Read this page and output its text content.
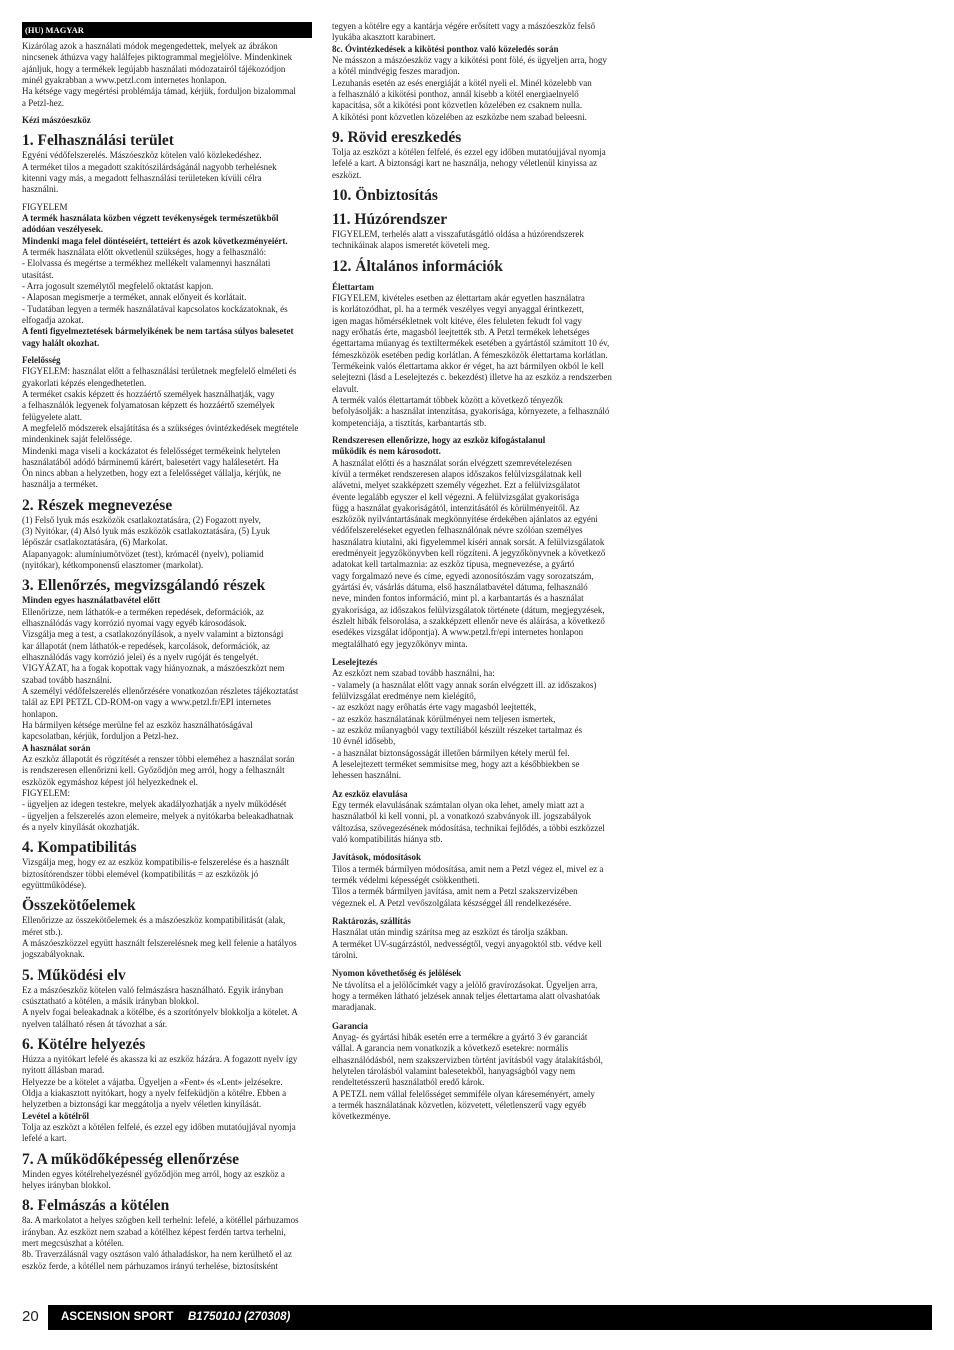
(HU) MAGYAR
Kizárólag azok a használati módok megengedettek, melyek az ábrákon
nincsenek áthúzva vagy halálfejes piktogrammal megjelölve. Mindenkinek
ajánljuk, hogy a termékek legújabb használati módozatairól tájékozódjon
minél gyakrabban a www.petzl.com internetes honlapon.
Ha kétsége vagy megértési problémája támad, kérjük, forduljon bizalommal
a Petzl-hez.
Kézi mászóeszköz
1. Felhasználási terület
Egyéni védőfelszerelés. Mászóeszköz kötelen való közlekedéshez.
A terméket tilos a megadott szakítószilárdságánál nagyobb terhelésnek
kitenni vagy más, a megadott felhasználási területeken kívüli célra
használni.
FIGYELEM
A termék használata közben végzett tevékenységek természetükből
adódóan veszélyesek.
Mindenki maga felel döntéseiért, tetteiért és azok következményeiért.
A termék használata előtt okvetlenül szükséges, hogy a felhasználó:
- Elolvassa és megértse a termékhez mellékelt valamennyi használati
utasítást.
- Arra jogosult személytől megfelelő oktatást kapjon.
- Alaposan megismerje a terméket, annak előnyeit és korlátait.
- Tudatában legyen a termék használatával kapcsolatos kockázatoknak, és
elfogadja azokat.
A fenti figyelmeztetések bármelyikének be nem tartása súlyos balesetet
vagy halált okozhat.
Felelősség
FIGYELEM: használat előtt a felhasználási területnek megfelelő elméleti és
gyakorlati képzés elengedhetetlen.
A terméket csakis képzett és hozzáértő személyek használhatják, vagy
a felhasználók legyenek folyamatosan képzett és hozzáértő személyek
felügyelete alatt.
A megfelelő módszerek elsajátítása és a szükséges óvintézkedések megtétele
mindenkinek saját felelőssége.
Mindenki maga viseli a kockázatot és felelősséget termékeink helytelen
használatából adódó bárminemű kárért, balesetért vagy halálesetért. Ha
Ön nincs abban a helyzetben, hogy ezt a felelősséget vállalja, kérjük, ne
használja a terméket.
2. Részek megnevezése
(1) Felső lyuk más eszközök csatlakoztatására, (2) Fogazott nyelv,
(3) Nyitókar, (4) Alsó lyuk más eszközök csatlakoztatására, (5) Lyuk
lépőszár csatlakoztatására, (6) Markolat.
Alapanyagok: alumíniumötvözet (test), krómacél (nyelv), poliamid
(nyitókar), kétkomponensű elasztomer (markolat).
3. Ellenőrzés, megvizsgálandó részek
Minden egyes használatbavétel előtt
Ellenőrizze, nem láthatók-e a terméken repedések, deformációk, az
elhasználódás vagy korrózió nyomai vagy egyéb károsodások.
Vizsgálja meg a test, a csatlakozónyílások, a nyelv valamint a biztonsági
kar állapotát (nem láthatók-e repedések, karcolások, deformációk, az
elhasználódás vagy korrózió jelei) és a nyelv rugóját és tengelyét.
VIGYÁZAT, ha a fogak kopottak vagy hiányoznak, a mászóeszközt nem
szabad tovább használni.
A személyi védőfelszerelés ellenőrzésére vonatkozóan részletes tájékoztatást
talál az EPI PETZL CD-ROM-on vagy a www.petzl.fr/EPI internetes
honlapon.
Ha bármilyen kétsége merülne fel az eszköz használhatóságával
kapcsolatban, kérjük, forduljon a Petzl-hez.
A használat során
Az eszköz állapotát és rögzítését a renszer többi eleméhez a használat során
is rendszeresen ellenőrizni kell. Győződjön meg arról, hogy a felhasznált
eszközök egymáshoz képest jól helyezkednek el.
FIGYELEM:
- ügyeljen az idegen testekre, melyek akadályozhatják a nyelv működését
- ügyeljen a felszerelés azon elemeire, melyek a nyitókarba beleakadhatnak
és a nyelv kinyílását okozhatják.
4. Kompatibilitás
Vizsgálja meg, hogy ez az eszköz kompatibilis-e felszerelése és a használt
biztosítórendszer többi elemével (kompatibilitás = az eszközök jó
együttműködése).
Összekötőelemek
Ellenőrizze az összekötőelemek és a mászóeszköz kompatibilitását (alak,
méret stb.).
A mászóeszközzel együtt használt felszerelésnek meg kell felenie a hatályos
jogszabályoknak.
5. Működési elv
Ez a mászóeszköz kötelen való felmászásra használható. Egyik irányban
csúsztatható a kötélen, a másik irányban blokkol.
A nyelv fogai beleakadnak a kötélbe, és a szorítónyelv blokkolja a kötelet. A
nyelven található résen át távozhat a sár.
6. Kötélre helyezés
Húzza a nyitókart lefelé és akassza ki az eszköz házára. A fogazott nyelv így
nyitott állásban marad.
Helyezze be a kötelet a vájatba. Ügyeljen a «Fent» és «Lent» jelzésekre.
Oldja a kiakasztott nyitókart, hogy a nyelv felfeküdjön a kötélre. Ebben a
helyzetben a biztonsági kar meggátolja a nyelv véletlen kinyílását.
Levétel a kötélről
Tolja az eszközt a kötélen felfelé, és ezzel egy időben mutatóujjával nyomja
lefelé a kart.
7. A működőképesség ellenőrzése
Minden egyes kötélrehelyezésnél győződjön meg arról, hogy az eszköz a
helyes irányban blokkol.
8. Felmászás a kötélen
8a. A markolatot a helyes szögben kell terhelni: lefelé, a kötéllel párhuzamos
irányban. Az eszközt nem szabad a kötélhez képest ferdén tartva terhelni,
mert megcsúszhat a kötélen.
8b. Traverzálásnál vagy osztáson való áthaladáskor, ha nem kerülhető el az
eszköz ferde, a kötéllel nem párhuzamos irányú terhelése, biztosítsként
tegyen a kötélre egy a kantárja végére erősített vagy a mászóeszköz felső
lyukába akasztott karabinert.
8c. Óvintézkedések a kikötési ponthoz való közeledés során
Ne másszon a mászóeszköz vagy a kikötési pont fölé, és ügyeljen arra, hogy
a kötél mindvégig feszes maradjon.
Lezuhanás esetén az esés energiáját a kötél nyeli el. Minél közelebb van
a felhasználó a kikötési ponthoz, annál kisebb a kötél energiaelnyelő
kapacitása, sőt a kikötési pont közvetlen közelében ez csaknem nulla.
A kikötési pont közvetlen közelében az eszközbe nem szabad beleesni.
9. Rövid ereszkedés
Tolja az eszközt a kötélen felfelé, és ezzel egy időben mutatóujjával nyomja
lefelé a kart. A biztonsági kart ne használja, nehogy véletlenül kinyissa az
eszközt.
10. Önbiztosítás
11. Húzórendszer
FIGYELEM, terhelés alatt a visszafutásgátló oldása a húzórendszerek
technikáinak alapos ismeretét követeli meg.
12. Általános információk
Élettartam
FIGYELEM, kivételes esetben az élettartam akár egyetlen használatra
is korlátozódhat, pl. ha a termék veszélyes vegyi anyaggal érintkezett,
igen magas hőmérsékletnek volt kitéve, éles feluleten fekudt fol vagy
nagy erőhatás érte, magasból leejtették stb. A Petzl termékek lehetséges
égettartama műanyag és textiltermékek esetében a gyártástól számított 10 év,
fémeszközök esetében pedig korlátlan. A fémeszközök élettartama korlátlan.
Termékeink valós élettartama akkor ér véget, ha azt bármilyen okból le kell
selejtezni (lásd a Leselejtezés c. bekezdést) illetve ha az eszköz a rendszerben
elavult.
A termék valós élettartamát többek között a következő tényezők
befolyásolják: a használat intenzitása, gyakorisága, környezete, a felhasználó
kompetenciája, a tisztítás, karbantartás stb.
Rendszeresen ellenőrizze, hogy az eszköz kifogástalanul
működik és nem károsodott.
A használat előtti és a használat során elvégzett szemrevételezésen
kívül a terméket rendszeresen alapos időszakos felülvizsgálatnak kell
alávetni, melyet szakképzett személy végezhet. Ezt a felülvizsgálatot
évente legalább egyszer el kell végezni. A felülvizsgálat gyakorisága
függ a használat gyakoriságától, intenzitásától és körülményeitől. Az
eszközök nyilvántartásának megkönnyítése érdekében ajánlatos az egyéni
védőfelszereléseket egyetlen felhasználónak névre szólóan személyes
használatra kiutalni, aki figyelemmel kíséri annak sorsát. A felülvizsgálatok
eredményeit jegyzőkönyvben kell rögzíteni. A jegyzőkönyvnek a következő
adatokat kell tartalmaznia: az eszköz típusa, megnevezése, a gyártó
vagy forgalmazó neve és címe, egyedi azonosítószám vagy sorozatszám,
gyártási év, vásárlás dátuma, első használatbavétel dátuma, felhasználó
neve, minden fontos információ, mint pl. a karbantartás és a használat
gyakorisága, az időszakos felülvizsgálatok története (dátum, megjegyzések,
észlelt hibák felsorolása, a szakképzett ellenőr neve és aláírása, a következő
esedékes vizsgálat időpontja). A www.petzl.fr/epi internetes honlapon
megtalálható egy jegyzőkönyv minta.
Leselejtezés
Az eszközt nem szabad tovább használni, ha:
- valamely (a használat előtt vagy annak során elvégzett ill. az időszakos)
felülvizsgálat eredménye nem kielégítő,
- az eszközt nagy erőhatás érte vagy magasból leejtették,
- az eszköz használatának körülményei nem teljesen ismertek,
- az eszköz műanyagból vagy textíliából készült részeket tartalmaz és
10 évnél idősebb,
- a használat biztonságosságát illetően bármilyen kétely merül fel.
A leselejtezett terméket semmisítse meg, hogy azt a későbbiekben se
lehessen használni.
Az eszköz elavulása
Egy termék elavulásának számtalan olyan oka lehet, amely miatt azt a
használatból ki kell vonni, pl. a vonatkozó szabványok ill. jogszabályok
változása, szövegezésének módosítása, technikai fejlődés, a többi eszközzel
való kompatibilitás hiánya stb.
Javítások, módosítások
Tilos a termék bármilyen módosítása, amit nem a Petzl végez el, mivel ez a
termék védelmi képességét csökkentheti.
Tilos a termék bármilyen javítása, amit nem a Petzl szakszervizében
végeznek el. A Petzl vevőszolgálata készséggel áll rendelkezésére.
Raktározás, szállítás
Használat után mindig szárítsa meg az eszközt és tárolja szákban.
A terméket UV-sugárzástól, nedvességtől, vegyi anyagoktól stb. védve kell
tárolni.
Nyomon követhetőség és jelölések
Ne távolítsa el a jelölőcímkét vagy a jelölő gravírozásokat. Ügyeljen arra,
hogy a terméken látható jelzések annak teljes élettartama alatt olvashatóak
maradjanak.
Garancia
Anyag- és gyártási hibák esetén erre a termékre a gyártó 3 év garanciát
vállal. A garancia nem vonatkozik a következő esetekre: normális
elhasználódásból, nem szakszervizben történt javításból vagy átalakításból,
helytelen tárolásból valamint balesetekből, hanyagságból vagy nem
rendeltetésszerű használatból eredő károk.
A PETZL nem vállal felelősséget semmiféle olyan káreseményért, amely
a termék használatának közvetlen, közvetett, véletlenszerű vagy egyéb
következménye.
20 ASCENSION SPORT B175010J (270308)
